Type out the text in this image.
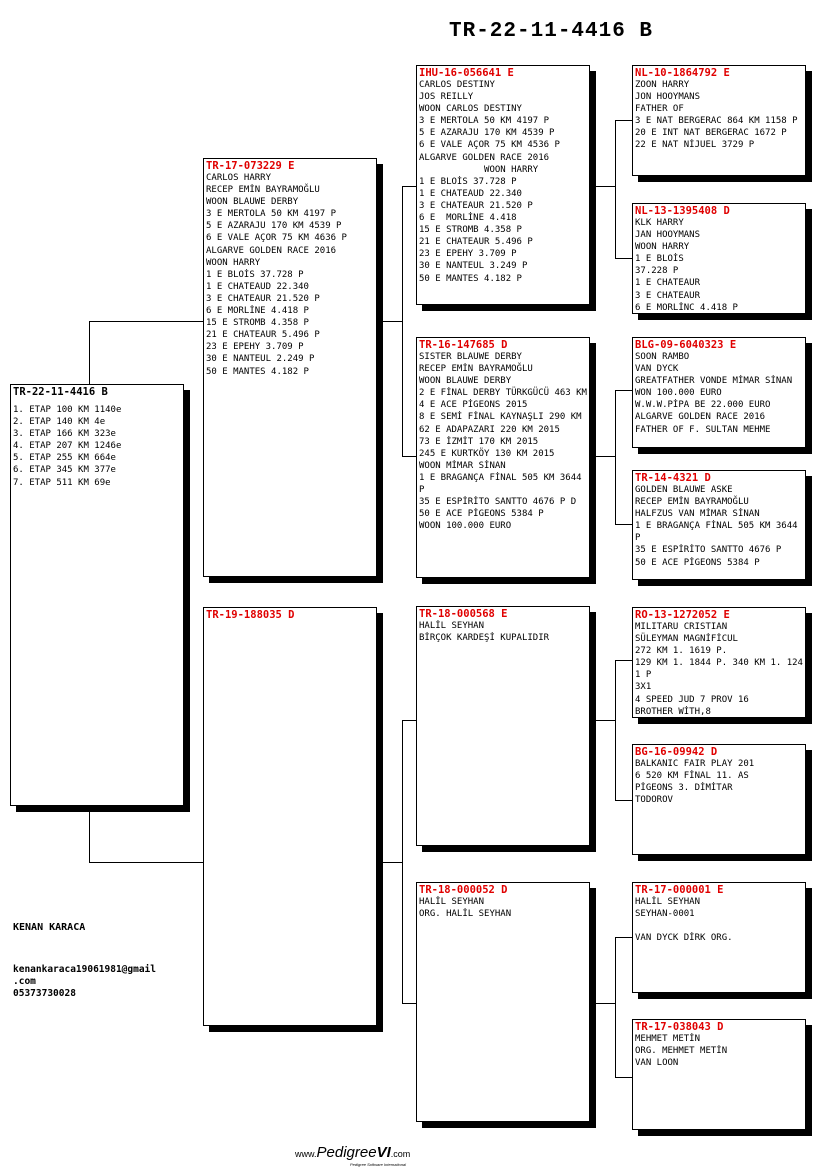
TR-22-11-4416 B
TR-22-11-4416 B
1. ETAP 100 KM 1140e
2. ETAP 140 KM 4e
3. ETAP 166 KM 323e
4. ETAP 207 KM 1246e
5. ETAP 255 KM 664e
6. ETAP 345 KM 377e
7. ETAP 511 KM 69e
TR-17-073229 E
CARLOS HARRY
RECEP EMİN BAYRAMOĞLU
WOON BLAUWE DERBY
3 E MERTOLA 50 KM 4197 P
5 E AZARAJU 170 KM 4539 P
6 E VALE AÇOR 75 KM 4636 P
ALGARVE GOLDEN RACE 2016
WOON HARRY
1 E BLOİS 37.728 P
1 E CHATEAUD 22.340
3 E CHATEAUR 21.520 P
6 E MORLİNE 4.418 P
15 E STROMB 4.358 P
21 E CHATEAUR 5.496 P
23 E EPEHY 3.709 P
30 E NANTEUL 2.249 P
50 E MANTES 4.182 P
TR-19-188035 D
IHU-16-056641 E
CARLOS DESTINY
JOS REILLY
WOON CARLOS DESTINY
3 E MERTOLA 50 KM 4197 P
5 E AZARAJU 170 KM 4539 P
6 E VALE AÇOR 75 KM 4536 P
ALGARVE GOLDEN RACE 2016
WOON HARRY
1 E BLOİS 37.728 P
1 E CHATEAUD 22.340
3 E CHATEAUR 21.520 P
6 E  MORLİNE 4.418
15 E STROMB 4.358 P
21 E CHATEAUR 5.496 P
23 E EPEHY 3.709 P
30 E NANTEUL 3.249 P
50 E MANTES 4.182 P
TR-16-147685 D
SISTER BLAUWE DERBY
RECEP EMİN BAYRAMOĞLU
WOON BLAUWE DERBY
2 E FİNAL DERBY TÜRKGÜCÜ 463 KM
4 E ACE PİGEONS 2015
8 E SEMİ FİNAL KAYNAŞLI 290 KM
62 E ADAPAZARI 220 KM 2015
73 E İZMİT 170 KM 2015
245 E KURTKÖY 130 KM 2015
WOON MİMAR SİNAN
1 E BRAGANÇA FİNAL 505 KM 3644 P
35 E ESPİRİTO SANTTO 4676 P D
50 E ACE PİGEONS 5384 P
WOON 100.000 EURO
TR-18-000568 E
HALİL SEYHAN
BİRÇOK KARDEŞİ KUPALIDIR
TR-18-000052 D
HALİL SEYHAN
ORG. HALİL SEYHAN
NL-10-1864792 E
ZOON HARRY
JON HOOYMANS
FATHER OF
3 E NAT BERGERAC 864 KM 1158 P
20 E INT NAT BERGERAC 1672 P
22 E NAT NİJUEL 3729 P
NL-13-1395408 D
KLK HARRY
JAN HOOYMANS
WOON HARRY
1 E BLOİS
37.228 P
1 E CHATEAUR
3 E CHATEAUR
6 E MORLİNC 4.418 P
BLG-09-6040323 E
SOON RAMBO
VAN DYCK
GREATFATHER VONDE MİMAR SİNAN
WON 100.000 EURO
W.W.W.PİPA BE 22.000 EURO
ALGARVE GOLDEN RACE 2016
FATHER OF F. SULTAN MEHME
TR-14-4321 D
GOLDEN BLAUWE ASKE
RECEP EMİN BAYRAMOĞLU
HALFZUS VAN MİMAR SİNAN
1 E BRAGANÇA FİNAL 505 KM 3644 P
35 E ESPİRİTO SANTTO 4676 P
50 E ACE PİGEONS 5384 P
RO-13-1272052 E
MILITARU CRISTIAN
SÜLEYMAN MAGNİFİCUL
272 KM 1. 1619 P.
129 KM 1. 1844 P. 340 KM 1. 1241 P
3X1
4 SPEED JUD 7 PROV 16
BROTHER WİTH,8
BG-16-09942 D
BALKANIC FAIR PLAY 201
6 520 KM FİNAL 11. AS
PİGEONS 3. DİMİTAR
TODOROV
TR-17-000001 E
HALİL SEYHAN
SEYHAN-0001

VAN DYCK DİRK ORG.
TR-17-038043 D
MEHMET METİN
ORG. MEHMET METİN
VAN LOON
KENAN KARACA
kenankaraca19061981@gmail
.com
05373730028
www.PedigreeVI.com
Pedigree Software International
